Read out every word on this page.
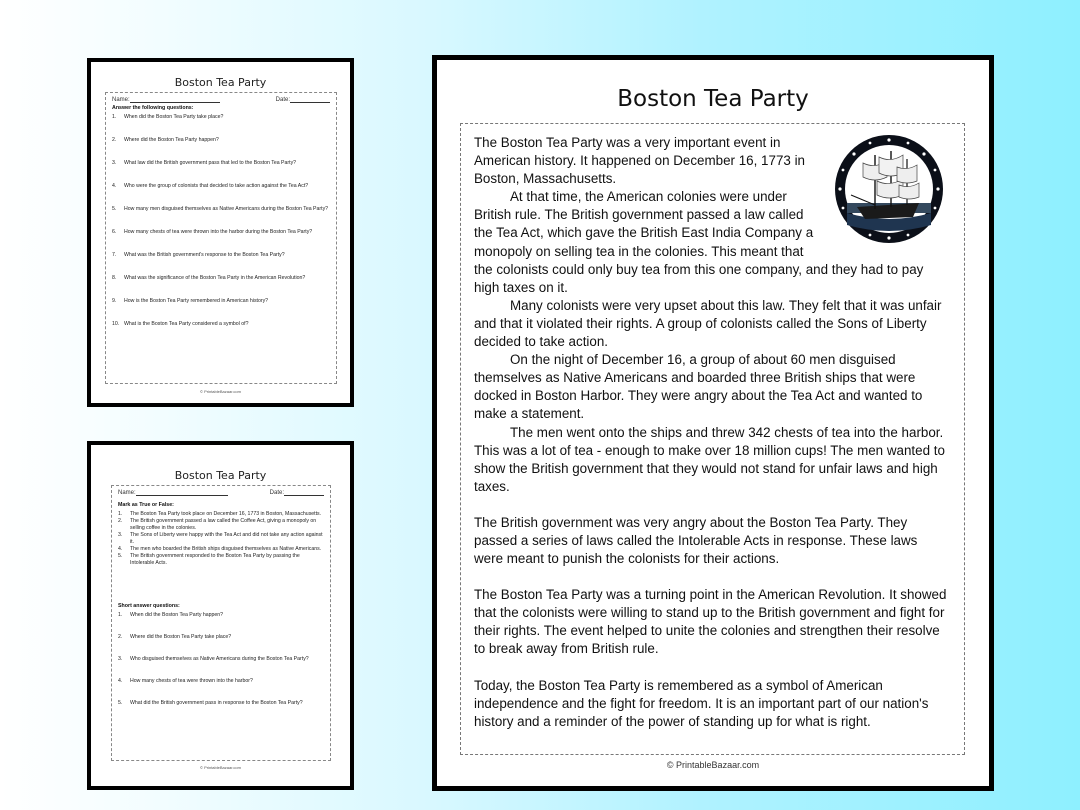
Boston Tea Party
Name:	Date:
Answer the following questions:
1.	When did the Boston Tea Party take place?
2.	Where did the Boston Tea Party happen?
3.	What law did the British government pass that led to the Boston Tea Party?
4.	Who were the group of colonists that decided to take action against the Tea Act?
5.	How many men disguised themselves as Native Americans during the Boston Tea Party?
6.	How many chests of tea were thrown into the harbor during the Boston Tea Party?
7.	What was the British government's response to the Boston Tea Party?
8.	What was the significance of the Boston Tea Party in the American Revolution?
9.	How is the Boston Tea Party remembered in American history?
10. What is the Boston Tea Party considered a symbol of?
© PrintableBazaar.com
Boston Tea Party
Name:	Date:
Mark as True or False:
1.	The Boston Tea Party took place on December 16, 1773 in Boston, Massachusetts.
2.	The British government passed a law called the Coffee Act, giving a monopoly on selling coffee in the colonies.
3.	The Sons of Liberty were happy with the Tea Act and did not take any action against it.
4.	The men who boarded the British ships disguised themselves as Native Americans.
5.	The British government responded to the Boston Tea Party by passing the Intolerable Acts.
Short answer questions:
1.	When did the Boston Tea Party happen?
2.	Where did the Boston Tea Party take place?
3.	Who disguised themselves as Native Americans during the Boston Tea Party?
4.	How many chests of tea were thrown into the harbor?
5.	What did the British government pass in response to the Boston Tea Party?
© PrintableBazaar.com
Boston Tea Party

The Boston Tea Party was a very important event in American history. It happened on December 16, 1773 in Boston, Massachusetts.

At that time, the American colonies were under British rule. The British government passed a law called the Tea Act, which gave the British East India Company a monopoly on selling tea in the colonies. This meant that

the colonists could only buy tea from this one company, and they had to pay high taxes on it.

Many colonists were very upset about this law. They felt that it was unfair and that it violated their rights. A group of colonists called the Sons of Liberty decided to take action.

On the night of December 16, a group of about 60 men disguised themselves as Native Americans and boarded three British ships that were docked in Boston Harbor. They were angry about the Tea Act and wanted to make a statement.

The men went onto the ships and threw 342 chests of tea into the harbor. This was a lot of tea - enough to make over 18 million cups! The men wanted to show the British government that they would not stand for unfair laws and high taxes.

The British government was very angry about the Boston Tea Party. They passed a series of laws called the Intolerable Acts in response. These laws were meant to punish the colonists for their actions.

The Boston Tea Party was a turning point in the American Revolution. It showed that the colonists were willing to stand up to the British government and fight for their rights. The event helped to unite the colonies and strengthen their resolve to break away from British rule.

Today, the Boston Tea Party is remembered as a symbol of American independence and the fight for freedom. It is an important part of our nation's history and a reminder of the power of standing up for what is right.

© PrintableBazaar.com
